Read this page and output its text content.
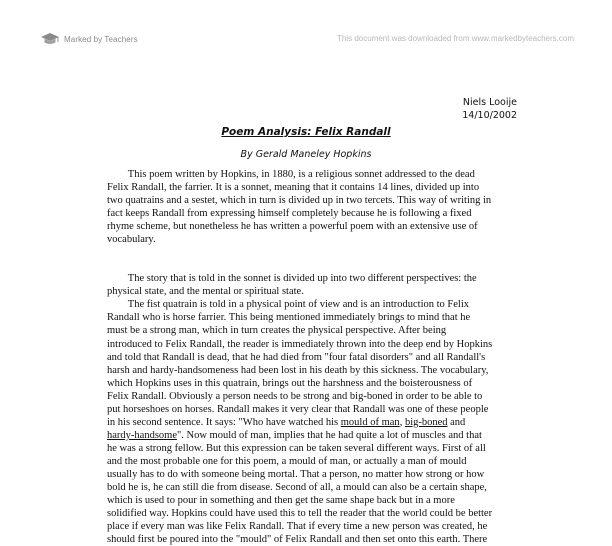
Marked by Teachers	This document was downloaded from www.markedbyteachers.com
Niels Looije
14/10/2002
Poem Analysis: Felix Randall
By Gerald Maneley Hopkins

This poem written by Hopkins, in 1880, is a religious sonnet addressed to the dead

Felix Randall, the farrier. It is a sonnet, meaning that it contains 14 lines, divided up into

two quatrains and a sestet, which in turn is divided up in two tercets. This way of writing in

fact keeps Randall from expressing himself completely because he is following a fixed

rhyme scheme, but nonetheless he has written a powerful poem with an extensive use of

vocabulary.

The story that is told in the sonnet is divided up into two different perspectives: the

physical state, and the mental or spiritual state.

The fist quatrain is told in a physical point of view and is an introduction to Felix

Randall who is horse farrier. This being mentioned immediately brings to mind that he

must be a strong man, which in turn creates the physical perspective. After being

introduced to Felix Randall, the reader is immediately thrown into the deep end by Hopkins

and told that Randall is dead, that he had died from "four fatal disorders" and all Randall's

harsh and hardy-handsomeness had been lost in his death by this sickness. The vocabulary,

which Hopkins uses in this quatrain, brings out the harshness and the boisterousness of

Felix Randall. Obviously a person needs to be strong and big-boned in order to be able to

put horseshoes on horses. Randall makes it very clear that Randall was one of these people

in his second sentence. It says: "Who have watched his mould of man, big-boned and

hardy-handsome". Now mould of man, implies that he had quite a lot of muscles and that

he was a strong fellow. But this expression can be taken several different ways. First of all

and the most probable one for this poem, a mould of man, or actually a man of mould

usually has to do with someone being mortal. That a person, no matter how strong or how

bold he is, he can still die from disease. Second of all, a mould can also be a certain shape,

which is used to pour in something and then get the same shape back but in a more

solidified way. Hopkins could have used this to tell the reader that the world could be better

place if every man was like Felix Randall. That if every time a new person was created, he

should first be poured into the "mould" of Felix Randall and then set onto this earth. There
